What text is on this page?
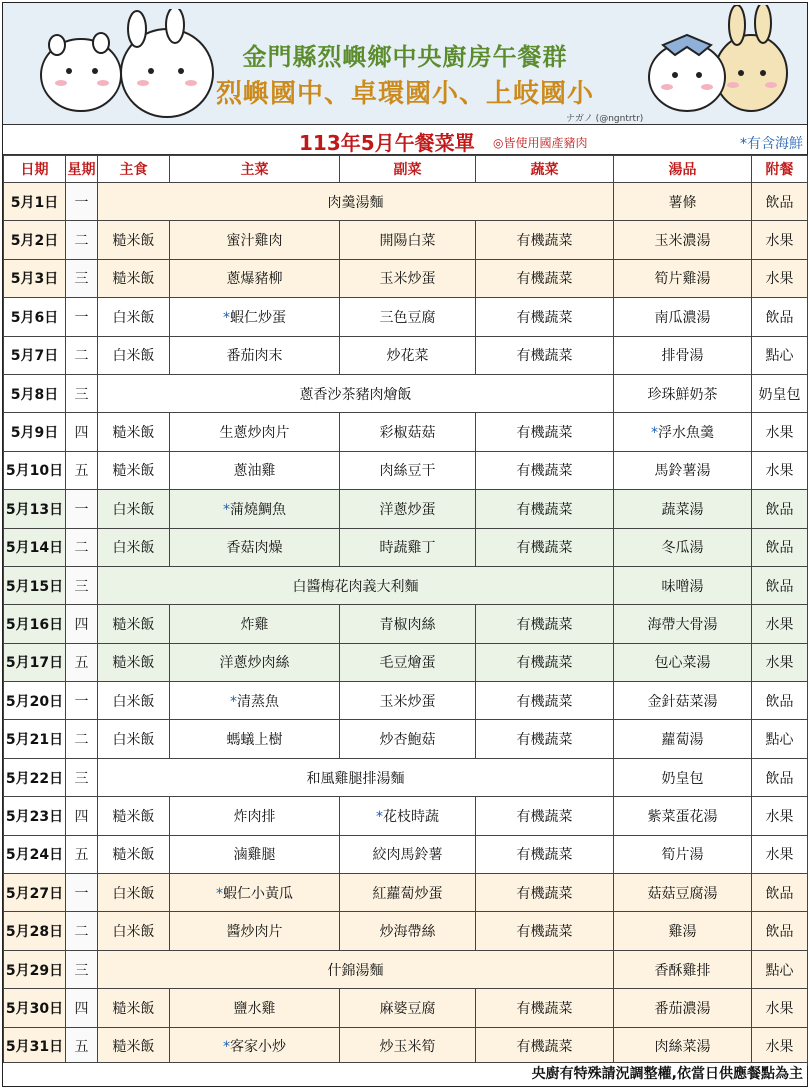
金門縣烈嶼鄉中央廚房午餐群
烈嶼國中、卓環國小、上岐國小
ナガノ (@ngntrtr)
113年5月午餐菜單 ◎皆使用國產豬肉	*有含海鮮
日期	星期	主食	主菜	副菜	蔬菜	湯品	附餐
5月1日	一	肉羹湯麵				薯條	飲品
5月2日	二	糙米飯	蜜汁雞肉	開陽白菜	有機蔬菜	玉米濃湯	水果
5月3日	三	糙米飯	蔥爆豬柳	玉米炒蛋	有機蔬菜	筍片雞湯	水果
5月6日	一	白米飯	*蝦仁炒蛋	三色豆腐	有機蔬菜	南瓜濃湯	飲品
5月7日	二	白米飯	番茄肉末	炒花菜	有機蔬菜	排骨湯	點心
5月8日	三	蔥香沙茶豬肉燴飯				珍珠鮮奶茶	奶皇包
5月9日	四	糙米飯	生蔥炒肉片	彩椒菇菇	有機蔬菜	*浮水魚羹	水果
5月10日	五	糙米飯	蔥油雞	肉絲豆干	有機蔬菜	馬鈴薯湯	水果
5月13日	一	白米飯	*蒲燒鯛魚	洋蔥炒蛋	有機蔬菜	蔬菜湯	飲品
5月14日	二	白米飯	香菇肉燥	時蔬雞丁	有機蔬菜	冬瓜湯	飲品
5月15日	三	白醬梅花肉義大利麵				味噌湯	飲品
5月16日	四	糙米飯	炸雞	青椒肉絲	有機蔬菜	海帶大骨湯	水果
5月17日	五	糙米飯	洋蔥炒肉絲	毛豆燴蛋	有機蔬菜	包心菜湯	水果
5月20日	一	白米飯	*清蒸魚	玉米炒蛋	有機蔬菜	金針菇菜湯	飲品
5月21日	二	白米飯	螞蟻上樹	炒杏鮑菇	有機蔬菜	蘿蔔湯	點心
5月22日	三	和風雞腿排湯麵				奶皇包	飲品
5月23日	四	糙米飯	炸肉排	*花枝時蔬	有機蔬菜	紫菜蛋花湯	水果
5月24日	五	糙米飯	滷雞腿	絞肉馬鈴薯	有機蔬菜	筍片湯	水果
5月27日	一	白米飯	*蝦仁小黃瓜	紅蘿蔔炒蛋	有機蔬菜	菇菇豆腐湯	飲品
5月28日	二	白米飯	醬炒肉片	炒海帶絲	有機蔬菜	雞湯	飲品
5月29日	三	什錦湯麵				香酥雞排	點心
5月30日	四	糙米飯	鹽水雞	麻婆豆腐	有機蔬菜	番茄濃湯	水果
5月31日	五	糙米飯	*客家小炒	炒玉米筍	有機蔬菜	肉絲菜湯	水果
央廚有特殊請況調整權,依當日供應餐點為主
